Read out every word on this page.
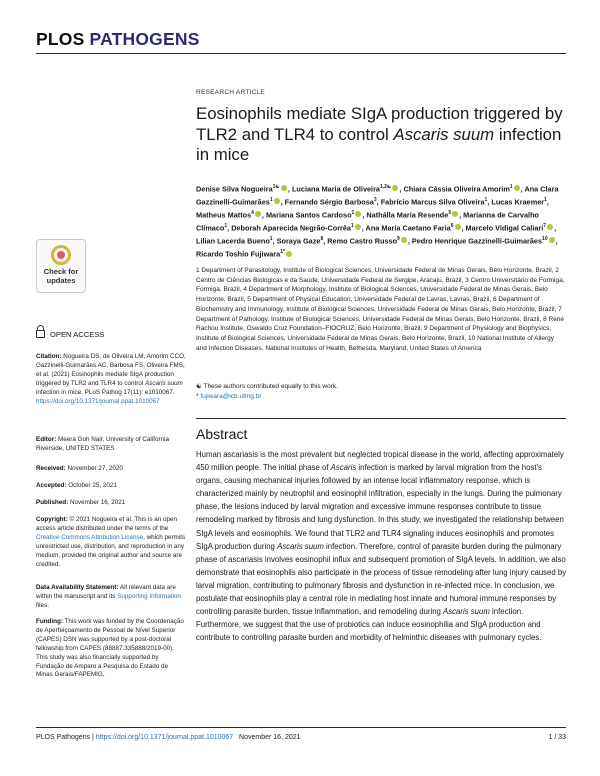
PLOS PATHOGENS
Check for
updates
OPEN ACCESS
Citation: Nogueira DS, de Oliveira LM, Amorim CCO, Gazzinelli-Guimarães AC, Barbosa FS, Oliveira FMS, et al. (2021) Eosinophils mediate SIgA production triggered by TLR2 and TLR4 to control Ascaris suum infection in mice. PLoS Pathog 17(11): e1010067. https://doi.org/10.1371/journal.ppat.1010067
Editor: Meera Goh Nair, University of California Riverside, UNITED STATES
Received: November 27, 2020
Accepted: October 25, 2021
Published: November 16, 2021
Copyright: © 2021 Nogueira et al. This is an open access article distributed under the terms of the Creative Commons Attribution License, which permits unrestricted use, distribution, and reproduction in any medium, provided the original author and source are credited.
Data Availability Statement: All relevant data are within the manuscript and its Supporting Information files.
Funding: This work was funded by the Coordenação de Aperfeiçoamento de Pessoal de Nível Superior (CAPES) DSN was supported by a post-doctoral fellowship from CAPES (88887.335888/2019-00). This study was also financially supported by Fundação de Amparo a Pesquisa do Estado de Minas Gerais/FAPEMIG,
RESEARCH ARTICLE
Eosinophils mediate SIgA production triggered by TLR2 and TLR4 to control Ascaris suum infection in mice
Denise Silva Nogueira$^{1☯}$ , Luciana Maria de Oliveira$^{1,2☯}$ , Chiara Cássia Oliveira Amorim$^1$ , Ana Clara Gazzinelli-Guimarães$^1$ , Fernando Sérgio Barbosa$^3$, Fabrício Marcus Silva Oliveira$^1$, Lucas Kraemer$^1$, Matheus Mattos$^4$ , Mariana Santos Cardoso$^1$ , Nathálla Maria Resende$^5$ , Marianna de Carvalho Clímaco$^1$, Deborah Aparecida Negrão-Corrêa$^1$ , Ana Maria Caetano Faria$^6$ , Marcelo Vidigal Caliari$^7$ , Lilian Lacerda Bueno$^1$, Soraya Gaze$^8$, Remo Castro Russo$^9$ , Pedro Henrique Gazzinelli-Guimarães$^{10}$ , Ricardo Toshio Fujiwara$^{1*}$
1 Department of Parasitology, Institute of Biological Sciences, Universidade Federal de Minas Gerais, Belo Horizonte, Brazil, 2 Centro de Ciências Biológicas e da Saúde, Universidade Federal de Sergipe, Aracajú, Brazil, 3 Centro Universitário de Formiga, Formiga, Brazil, 4 Department of Morphology, Institute of Biological Sciences, Universidade Federal de Minas Gerais, Belo Horizonte, Brazil, 5 Department of Physical Education, Universidade Federal de Lavras, Lavras, Brazil, 6 Department of Biochemistry and Immunology, Institute of Biological Sciences, Universidade Federal de Minas Gerais, Belo Horizonte, Brazil, 7 Department of Pathology, Institute of Biological Sciences, Universidade Federal de Minas Gerais, Belo Horizonte, Brazil, 8 René Rachou Institute, Oswaldo Cruz Foundation–FIOCRUZ, Belo Horizonte, Brazil, 9 Department of Physiology and Biophysics, Institute of Biological Sciences, Universidade Federal de Minas Gerais, Belo Horizonte, Brazil, 10 National Institute of Allergy and Infection Diseases, National Institutes of Health, Bethesda, Maryland, United States of America
☯ These authors contributed equally to this work.
* fujiwara@icb.ufmg.br
Abstract
Human ascariasis is the most prevalent but neglected tropical disease in the world, affecting approximately 450 million people. The initial phase of Ascaris infection is marked by larval migration from the host's organs, causing mechanical injuries followed by an intense local inflammatory response, which is characterized mainly by neutrophil and eosinophil infiltration, especially in the lungs. During the pulmonary phase, the lesions induced by larval migration and excessive immune responses contribute to tissue remodeling marked by fibrosis and lung dysfunction. In this study, we investigated the relationship between SIgA levels and eosinophils. We found that TLR2 and TLR4 signaling induces eosinophils and promotes SIgA production during Ascaris suum infection. Therefore, control of parasite burden during the pulmonary phase of ascariasis involves eosinophil influx and subsequent promotion of SIgA levels. In addition, we also demonstrate that eosinophils also participate in the process of tissue remodeling after lung injury caused by larval migration, contributing to pulmonary fibrosis and dysfunction in re-infected mice. In conclusion, we postulate that eosinophils play a central role in mediating host innate and humoral immune responses by controlling parasite burden, tissue inflammation, and remodeling during Ascaris suum infection. Furthermore, we suggest that the use of probiotics can induce eosinophilia and SIgA production and contribute to controlling parasite burden and morbidity of helminthic diseases with pulmonary cycles.
PLOS Pathogens | https://doi.org/10.1371/journal.ppat.1010067 November 16, 2021	1 / 33
